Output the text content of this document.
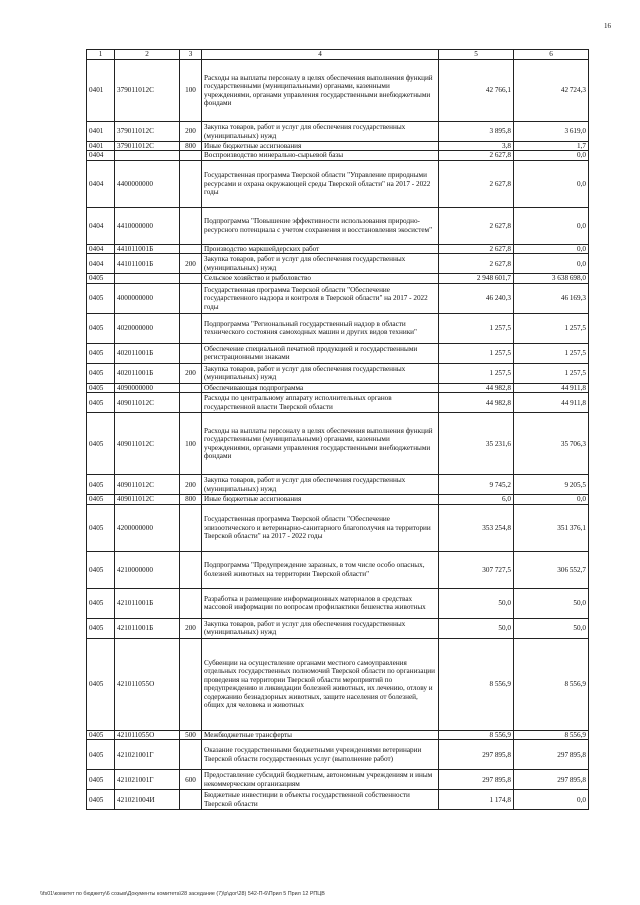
16
1	2	3	4	5	6
0401	379011012С	100	Расходы на выплаты персоналу в целях обеспечения выполнения функций государственными (муниципальными) органами, казенными учреждениями, органами управления государственными внебюджетными фондами	42 766,1	42 724,3
0401	379011012С	200	Закупка товаров, работ и услуг для обеспечения государственных (муниципальных) нужд	3 895,8	3 619,0
0401	379011012С	800	Иные бюджетные ассигнования	3,8	1,7
0404			Воспроизводство минерально-сырьевой базы	2 627,8	0,0
0404	4400000000		Государственная программа Тверской области "Управление природными ресурсами и охрана окружающей среды Тверской области" на 2017 - 2022 годы	2 627,8	0,0
0404	4410000000		Подпрограмма "Повышение эффективности использования природно-ресурсного потенциала с учетом сохранения и восстановления экосистем"	2 627,8	0,0
0404	441011001Б		Производство маркшейдерских работ	2 627,8	0,0
0404	441011001Б	200	Закупка товаров, работ и услуг для обеспечения государственных (муниципальных) нужд	2 627,8	0,0
0405			Сельское хозяйство и рыболовство	2 948 601,7	3 638 698,0
0405	4000000000		Государственная программа Тверской области "Обеспечение государственного надзора и контроля в Тверской области" на 2017 - 2022 годы	46 240,3	46 169,3
0405	4020000000		Подпрограмма "Региональный государственный надзор в области технического состояния самоходных машин и других видов техники"	1 257,5	1 257,5
0405	402011001Б		Обеспечение специальной печатной продукцией и государственными регистрационными знаками	1 257,5	1 257,5
0405	402011001Б	200	Закупка товаров, работ и услуг для обеспечения государственных (муниципальных) нужд	1 257,5	1 257,5
0405	4090000000		Обеспечивающая подпрограмма	44 982,8	44 911,8
0405	409011012С		Расходы по центральному аппарату исполнительных органов государственной власти Тверской области	44 982,8	44 911,8
0405	409011012С	100	Расходы на выплаты персоналу в целях обеспечения выполнения функций государственными (муниципальными) органами, казенными учреждениями, органами управления государственными внебюджетными фондами	35 231,6	35 706,3
0405	409011012С	200	Закупка товаров, работ и услуг для обеспечения государственных (муниципальных) нужд	9 745,2	9 205,5
0405	409011012С	800	Иные бюджетные ассигнования	6,0	0,0
0405	4200000000		Государственная программа Тверской области "Обеспечение эпизоотического и ветеринарно-санитарного благополучия на территории Тверской области" на 2017 - 2022 годы	353 254,8	351 376,1
0405	4210000000		Подпрограмма "Предупреждение заразных, в том числе особо опасных, болезней животных на территории Тверской области"	307 727,5	306 552,7
0405	421011001Б		Разработка и размещение информационных материалов в средствах массовой информации по вопросам профилактики бешенства животных	50,0	50,0
0405	421011001Б	200	Закупка товаров, работ и услуг для обеспечения государственных (муниципальных) нужд	50,0	50,0
0405	421011055О		Субвенции на осуществление органами местного самоуправления отдельных государственных полномочий Тверской области по организации проведения на территории Тверской области мероприятий по предупреждению и ликвидации болезней животных, их лечению, отлову и содержанию безнадзорных животных, защите населения от болезней, общих для человека и животных	8 556,9	8 556,9
0405	421011055О	500	Межбюджетные трансферты	8 556,9	8 556,9
0405	421021001Г		Оказание государственными бюджетными учреждениями ветеринарии Тверской области государственных услуг (выполнение работ)	297 895,8	297 895,8
0405	421021001Г	600	Предоставление субсидий бюджетным, автономным учреждениям и иным некоммерческим организациям	297 895,8	297 895,8
0405	421021004И		Бюджетные инвестиции в объекты государственной собственности Тверской области	1 174,8	0,0
\\fs01\комитет по бюджету\6 созыв\Документы комитета\28 заседание (7)\р\дог\28) 542-П-6\Прил 5 Прил 12 РПЦВ
